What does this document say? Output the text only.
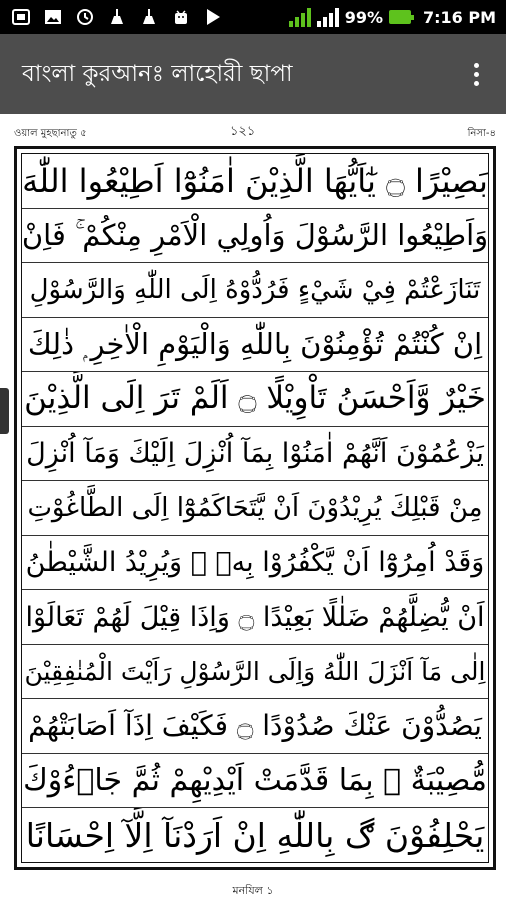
99%	7:16 PM
বাংলা কুরআনঃ লাহোরী ছাপা
ওয়াল মুহছানাতু ৫	১২১	নিসা-৪
بَصِيْرًا ۝ يٰٓاَيُّهَا الَّذِيْنَ اٰمَنُوْٓا اَطِيْعُوا اللّٰهَ
وَاَطِيْعُوا الرَّسُوْلَ وَاُولِي الْاَمْرِ مِنْكُمْ ۚ فَاِنْ
تَنَازَعْتُمْ فِيْ شَيْءٍ فَرُدُّوْهُ اِلَى اللّٰهِ وَالرَّسُوْلِ
اِنْ كُنْتُمْ تُؤْمِنُوْنَ بِاللّٰهِ وَالْيَوْمِ الْاٰخِرِ ۭ ذٰلِكَ
خَيْرٌ وَّاَحْسَنُ تَاْوِيْلًا ۝ اَلَمْ تَرَ اِلَى الَّذِيْنَ
يَزْعُمُوْنَ اَنَّهُمْ اٰمَنُوْا بِمَآ اُنْزِلَ اِلَيْكَ وَمَآ اُنْزِلَ
مِنْ قَبْلِكَ يُرِيْدُوْنَ اَنْ يَّتَحَاكَمُوْٓا اِلَى الطَّاغُوْتِ
وَقَدْ اُمِرُوْٓا اَنْ يَّكْفُرُوْا بِهٖ ۭ وَيُرِيْدُ الشَّيْطٰنُ
اَنْ يُّضِلَّهُمْ ضَلٰلًا بَعِيْدًا ۝ وَاِذَا قِيْلَ لَهُمْ تَعَالَوْا
اِلٰى مَآ اَنْزَلَ اللّٰهُ وَاِلَى الرَّسُوْلِ رَاَيْتَ الْمُنٰفِقِيْنَ
يَصُدُّوْنَ عَنْكَ صُدُوْدًا ۝ فَكَيْفَ اِذَآ اَصَابَتْهُمْ
مُّصِيْبَةٌ ۢ بِمَا قَدَّمَتْ اَيْدِيْهِمْ ثُمَّ جَاۗءُوْكَ
يَحْلِفُوْنَ ڰ بِاللّٰهِ اِنْ اَرَدْنَآ اِلَّآ اِحْسَانًا
মনযিল ১
